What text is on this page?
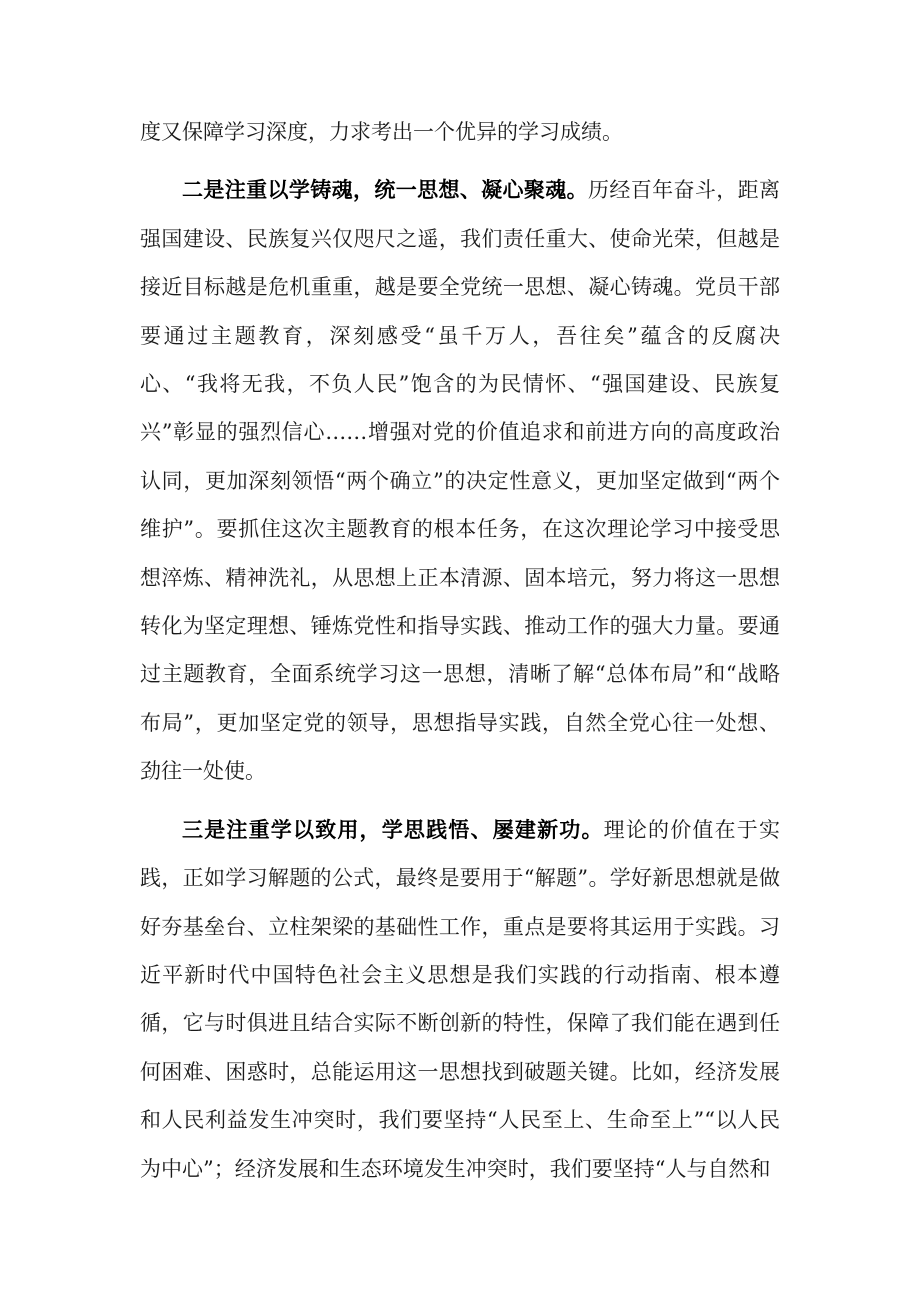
度又保障学习深度，力求考出一个优异的学习成绩。

二是注重以学铸魂，统一思想、凝心聚魂。历经百年奋斗，距离强国建设、民族复兴仅咫尺之遥，我们责任重大、使命光荣，但越是接近目标越是危机重重，越是要全党统一思想、凝心铸魂。党员干部要通过主题教育，深刻感受“虽千万人，吾往矣”蕴含的反腐决心、“我将无我，不负人民”饱含的为民情怀、“强国建设、民族复兴”彰显的强烈信心……增强对党的价值追求和前进方向的高度政治认同，更加深刻领悟“两个确立”的决定性意义，更加坚定做到“两个维护”。要抓住这次主题教育的根本任务，在这次理论学习中接受思想淬炼、精神洗礼，从思想上正本清源、固本培元，努力将这一思想转化为坚定理想、锤炼党性和指导实践、推动工作的强大力量。要通过主题教育，全面系统学习这一思想，清晰了解“总体布局”和“战略布局”，更加坚定党的领导，思想指导实践，自然全党心往一处想、劲往一处使。

三是注重学以致用，学思践悟、屡建新功。理论的价值在于实践，正如学习解题的公式，最终是要用于“解题”。学好新思想就是做好夯基垒台、立柱架梁的基础性工作，重点是要将其运用于实践。习近平新时代中国特色社会主义思想是我们实践的行动指南、根本遵循，它与时俱进且结合实际不断创新的特性，保障了我们能在遇到任何困难、困惑时，总能运用这一思想找到破题关键。比如，经济发展和人民利益发生冲突时，我们要坚持“人民至上、生命至上”“以人民为中心”；经济发展和生态环境发生冲突时，我们要坚持“人与自然和
